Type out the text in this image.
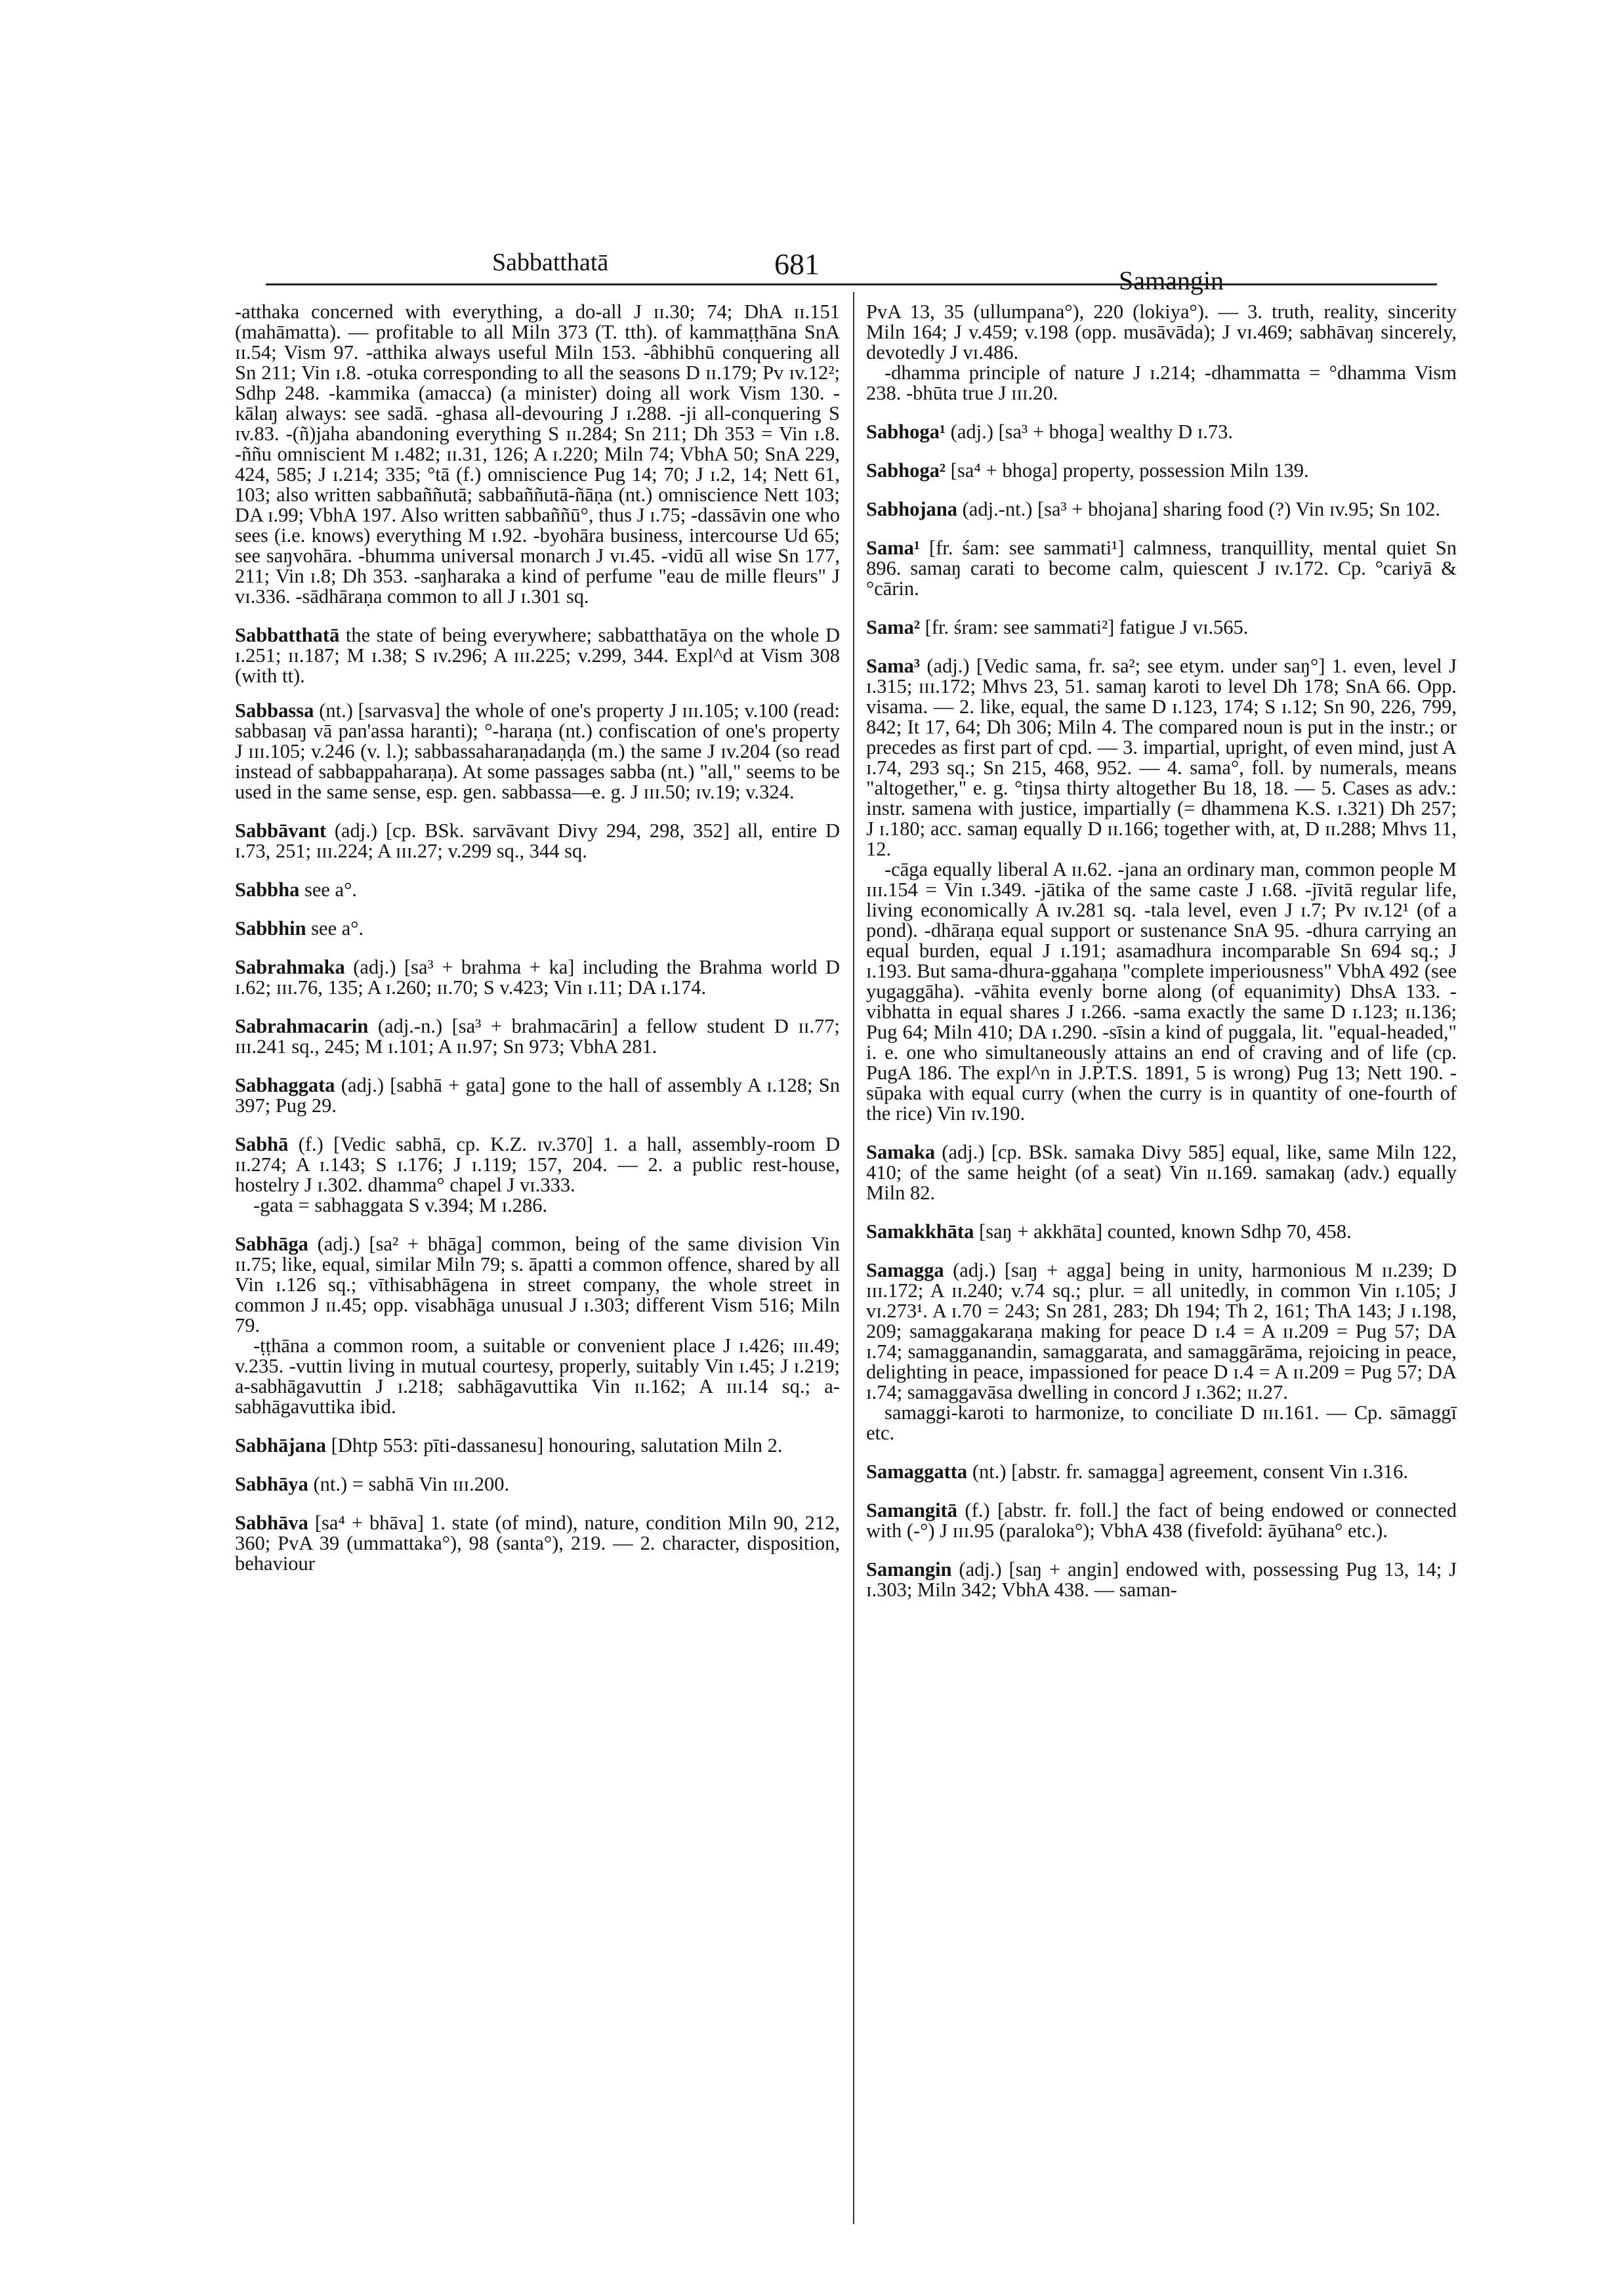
Sabbatthatā	681	Samangin

-atthaka concerned with everything, a do-all J ɪɪ.30; 74; DhA ɪɪ.151 (mahāmatta). — profitable to all Miln 373 (T. tth). of kammaṭṭhāna SnA ɪɪ.54; Vism 97. -atthika always useful Miln 153. -âbhibhū conquering all Sn 211; Vin ɪ.8. -otuka corresponding to all the seasons D ɪɪ.179; Pv ɪv.12²; Sdhp 248. -kammika (amacca) (a minister) doing all work Vism 130. -kālaŋ always: see sadā. -ghasa all-devouring J ɪ.288. -ji all-conquering S ɪv.83. -(ñ)jaha abandoning everything S ɪɪ.284; Sn 211; Dh 353 = Vin ɪ.8. -ññu omniscient M ɪ.482; ɪɪ.31, 126; A ɪ.220; Miln 74; VbhA 50; SnA 229, 424, 585; J ɪ.214; 335; °tā (f.) omniscience Pug 14; 70; J ɪ.2, 14; Nett 61, 103; also written sabbaññutā; sabbaññutā-ñāṇa (nt.) omniscience Nett 103; DA ɪ.99; VbhA 197. Also written sabbaññū°, thus J ɪ.75; -dassāvin one who sees (i.e. knows) everything M ɪ.92. -byohāra business, intercourse Ud 65; see saŋvohāra. -bhumma universal monarch J vɪ.45. -vidū all wise Sn 177, 211; Vin ɪ.8; Dh 353. -saŋharaka a kind of perfume "eau de mille fleurs" J vɪ.336. -sādhāraṇa common to all J ɪ.301 sq.

Sabbatthatā the state of being everywhere; sabbatthatāya on the whole D ɪ.251; ɪɪ.187; M ɪ.38; S ɪv.296; A ɪɪɪ.225; v.299, 344. Expl^d at Vism 308 (with tt).

Sabbassa (nt.) [sarvasva] the whole of one's property J ɪɪɪ.105; v.100 (read: sabbasaŋ vā pan'assa haranti); °-haraṇa (nt.) confiscation of one's property J ɪɪɪ.105; v.246 (v. l.); sabbassaharaṇadaṇḍa (m.) the same J ɪv.204 (so read instead of sabbappaharaṇa). At some passages sabba (nt.) "all," seems to be used in the same sense, esp. gen. sabbassa—e. g. J ɪɪɪ.50; ɪv.19; v.324.

Sabbāvant (adj.) [cp. BSk. sarvāvant Divy 294, 298, 352] all, entire D ɪ.73, 251; ɪɪɪ.224; A ɪɪɪ.27; v.299 sq., 344 sq.

Sabbha see a°.

Sabbhin see a°.

Sabrahmaka (adj.) [sa³ + brahma + ka] including the Brahma world D ɪ.62; ɪɪɪ.76, 135; A ɪ.260; ɪɪ.70; S v.423; Vin ɪ.11; DA ɪ.174.

Sabrahmacarin (adj.-n.) [sa³ + brahmacārin] a fellow student D ɪɪ.77; ɪɪɪ.241 sq., 245; M ɪ.101; A ɪɪ.97; Sn 973; VbhA 281.

Sabhaggata (adj.) [sabhā + gata] gone to the hall of assembly A ɪ.128; Sn 397; Pug 29.

Sabhā (f.) [Vedic sabhā, cp. K.Z. ɪv.370] 1. a hall, assembly-room D ɪɪ.274; A ɪ.143; S ɪ.176; J ɪ.119; 157, 204. — 2. a public rest-house, hostelry J ɪ.302. dhamma° chapel J vɪ.333.

-gata = sabhaggata S v.394; M ɪ.286.

Sabhāga (adj.) [sa² + bhāga] common, being of the same division Vin ɪɪ.75; like, equal, similar Miln 79; s. āpatti a common offence, shared by all Vin ɪ.126 sq.; vīthisabhāgena in street company, the whole street in common J ɪɪ.45; opp. visabhāga unusual J ɪ.303; different Vism 516; Miln 79.

-ṭṭhāna a common room, a suitable or convenient place J ɪ.426; ɪɪɪ.49; v.235. -vuttin living in mutual courtesy, properly, suitably Vin ɪ.45; J ɪ.219; a-sabhāgavuttin J ɪ.218; sabhāgavuttika Vin ɪɪ.162; A ɪɪɪ.14 sq.; a-sabhāgavuttika ibid.

Sabhājana [Dhtp 553: pīti-dassanesu] honouring, salutation Miln 2.

Sabhāya (nt.) = sabhā Vin ɪɪɪ.200.

Sabhāva [sa⁴ + bhāva] 1. state (of mind), nature, condition Miln 90, 212, 360; PvA 39 (ummattaka°), 98 (santa°), 219. — 2. character, disposition, behaviour

PvA 13, 35 (ullumpana°), 220 (lokiya°). — 3. truth, reality, sincerity Miln 164; J v.459; v.198 (opp. musāvāda); J vɪ.469; sabhāvaŋ sincerely, devotedly J vɪ.486.

-dhamma principle of nature J ɪ.214; -dhammatta = °dhamma Vism 238. -bhūta true J ɪɪɪ.20.

Sabhoga¹ (adj.) [sa³ + bhoga] wealthy D ɪ.73.

Sabhoga² [sa⁴ + bhoga] property, possession Miln 139.

Sabhojana (adj.-nt.) [sa³ + bhojana] sharing food (?) Vin ɪv.95; Sn 102.

Sama¹ [fr. śam: see sammati¹] calmness, tranquillity, mental quiet Sn 896. samaŋ carati to become calm, quiescent J ɪv.172. Cp. °cariyā & °cārin.

Sama² [fr. śram: see sammati²] fatigue J vɪ.565.

Sama³ (adj.) [Vedic sama, fr. sa²; see etym. under saŋ°] 1. even, level J ɪ.315; ɪɪɪ.172; Mhvs 23, 51. samaŋ karoti to level Dh 178; SnA 66. Opp. visama. — 2. like, equal, the same D ɪ.123, 174; S ɪ.12; Sn 90, 226, 799, 842; It 17, 64; Dh 306; Miln 4. The compared noun is put in the instr.; or precedes as first part of cpd. — 3. impartial, upright, of even mind, just A ɪ.74, 293 sq.; Sn 215, 468, 952. — 4. sama°, foll. by numerals, means "altogether," e. g. °tiŋsa thirty altogether Bu 18, 18. — 5. Cases as adv.: instr. samena with justice, impartially (= dhammena K.S. ɪ.321) Dh 257; J ɪ.180; acc. samaŋ equally D ɪɪ.166; together with, at, D ɪɪ.288; Mhvs 11, 12.

-cāga equally liberal A ɪɪ.62. -jana an ordinary man, common people M ɪɪɪ.154 = Vin ɪ.349. -jātika of the same caste J ɪ.68. -jīvitā regular life, living economically A ɪv.281 sq. -tala level, even J ɪ.7; Pv ɪv.12¹ (of a pond). -dhāraṇa equal support or sustenance SnA 95. -dhura carrying an equal burden, equal J ɪ.191; asamadhura incomparable Sn 694 sq.; J ɪ.193. But sama-dhura-ggahaṇa "complete imperiousness" VbhA 492 (see yugaggāha). -vāhita evenly borne along (of equanimity) DhsA 133. -vibhatta in equal shares J ɪ.266. -sama exactly the same D ɪ.123; ɪɪ.136; Pug 64; Miln 410; DA ɪ.290. -sīsin a kind of puggala, lit. "equal-headed," i. e. one who simultaneously attains an end of craving and of life (cp. PugA 186. The expl^n in J.P.T.S. 1891, 5 is wrong) Pug 13; Nett 190. -sūpaka with equal curry (when the curry is in quantity of one-fourth of the rice) Vin ɪv.190.

Samaka (adj.) [cp. BSk. samaka Divy 585] equal, like, same Miln 122, 410; of the same height (of a seat) Vin ɪɪ.169. samakaŋ (adv.) equally Miln 82.

Samakkhāta [saŋ + akkhāta] counted, known Sdhp 70, 458.

Samagga (adj.) [saŋ + agga] being in unity, harmonious M ɪɪ.239; D ɪɪɪ.172; A ɪɪ.240; v.74 sq.; plur. = all unitedly, in common Vin ɪ.105; J vɪ.273¹. A ɪ.70 = 243; Sn 281, 283; Dh 194; Th 2, 161; ThA 143; J ɪ.198, 209; samaggakaraṇa making for peace D ɪ.4 = A ɪɪ.209 = Pug 57; DA ɪ.74; samagganandin, samaggarata, and samaggārāma, rejoicing in peace, delighting in peace, impassioned for peace D ɪ.4 = A ɪɪ.209 = Pug 57; DA ɪ.74; samaggavāsa dwelling in concord J ɪ.362; ɪɪ.27.

samaggi-karoti to harmonize, to conciliate D ɪɪɪ.161. — Cp. sāmaggī etc.

Samaggatta (nt.) [abstr. fr. samagga] agreement, consent Vin ɪ.316.

Samangitā (f.) [abstr. fr. foll.] the fact of being endowed or connected with (-°) J ɪɪɪ.95 (paraloka°); VbhA 438 (fivefold: āyūhana° etc.).

Samangin (adj.) [saŋ + angin] endowed with, possessing Pug 13, 14; J ɪ.303; Miln 342; VbhA 438. — saman-
